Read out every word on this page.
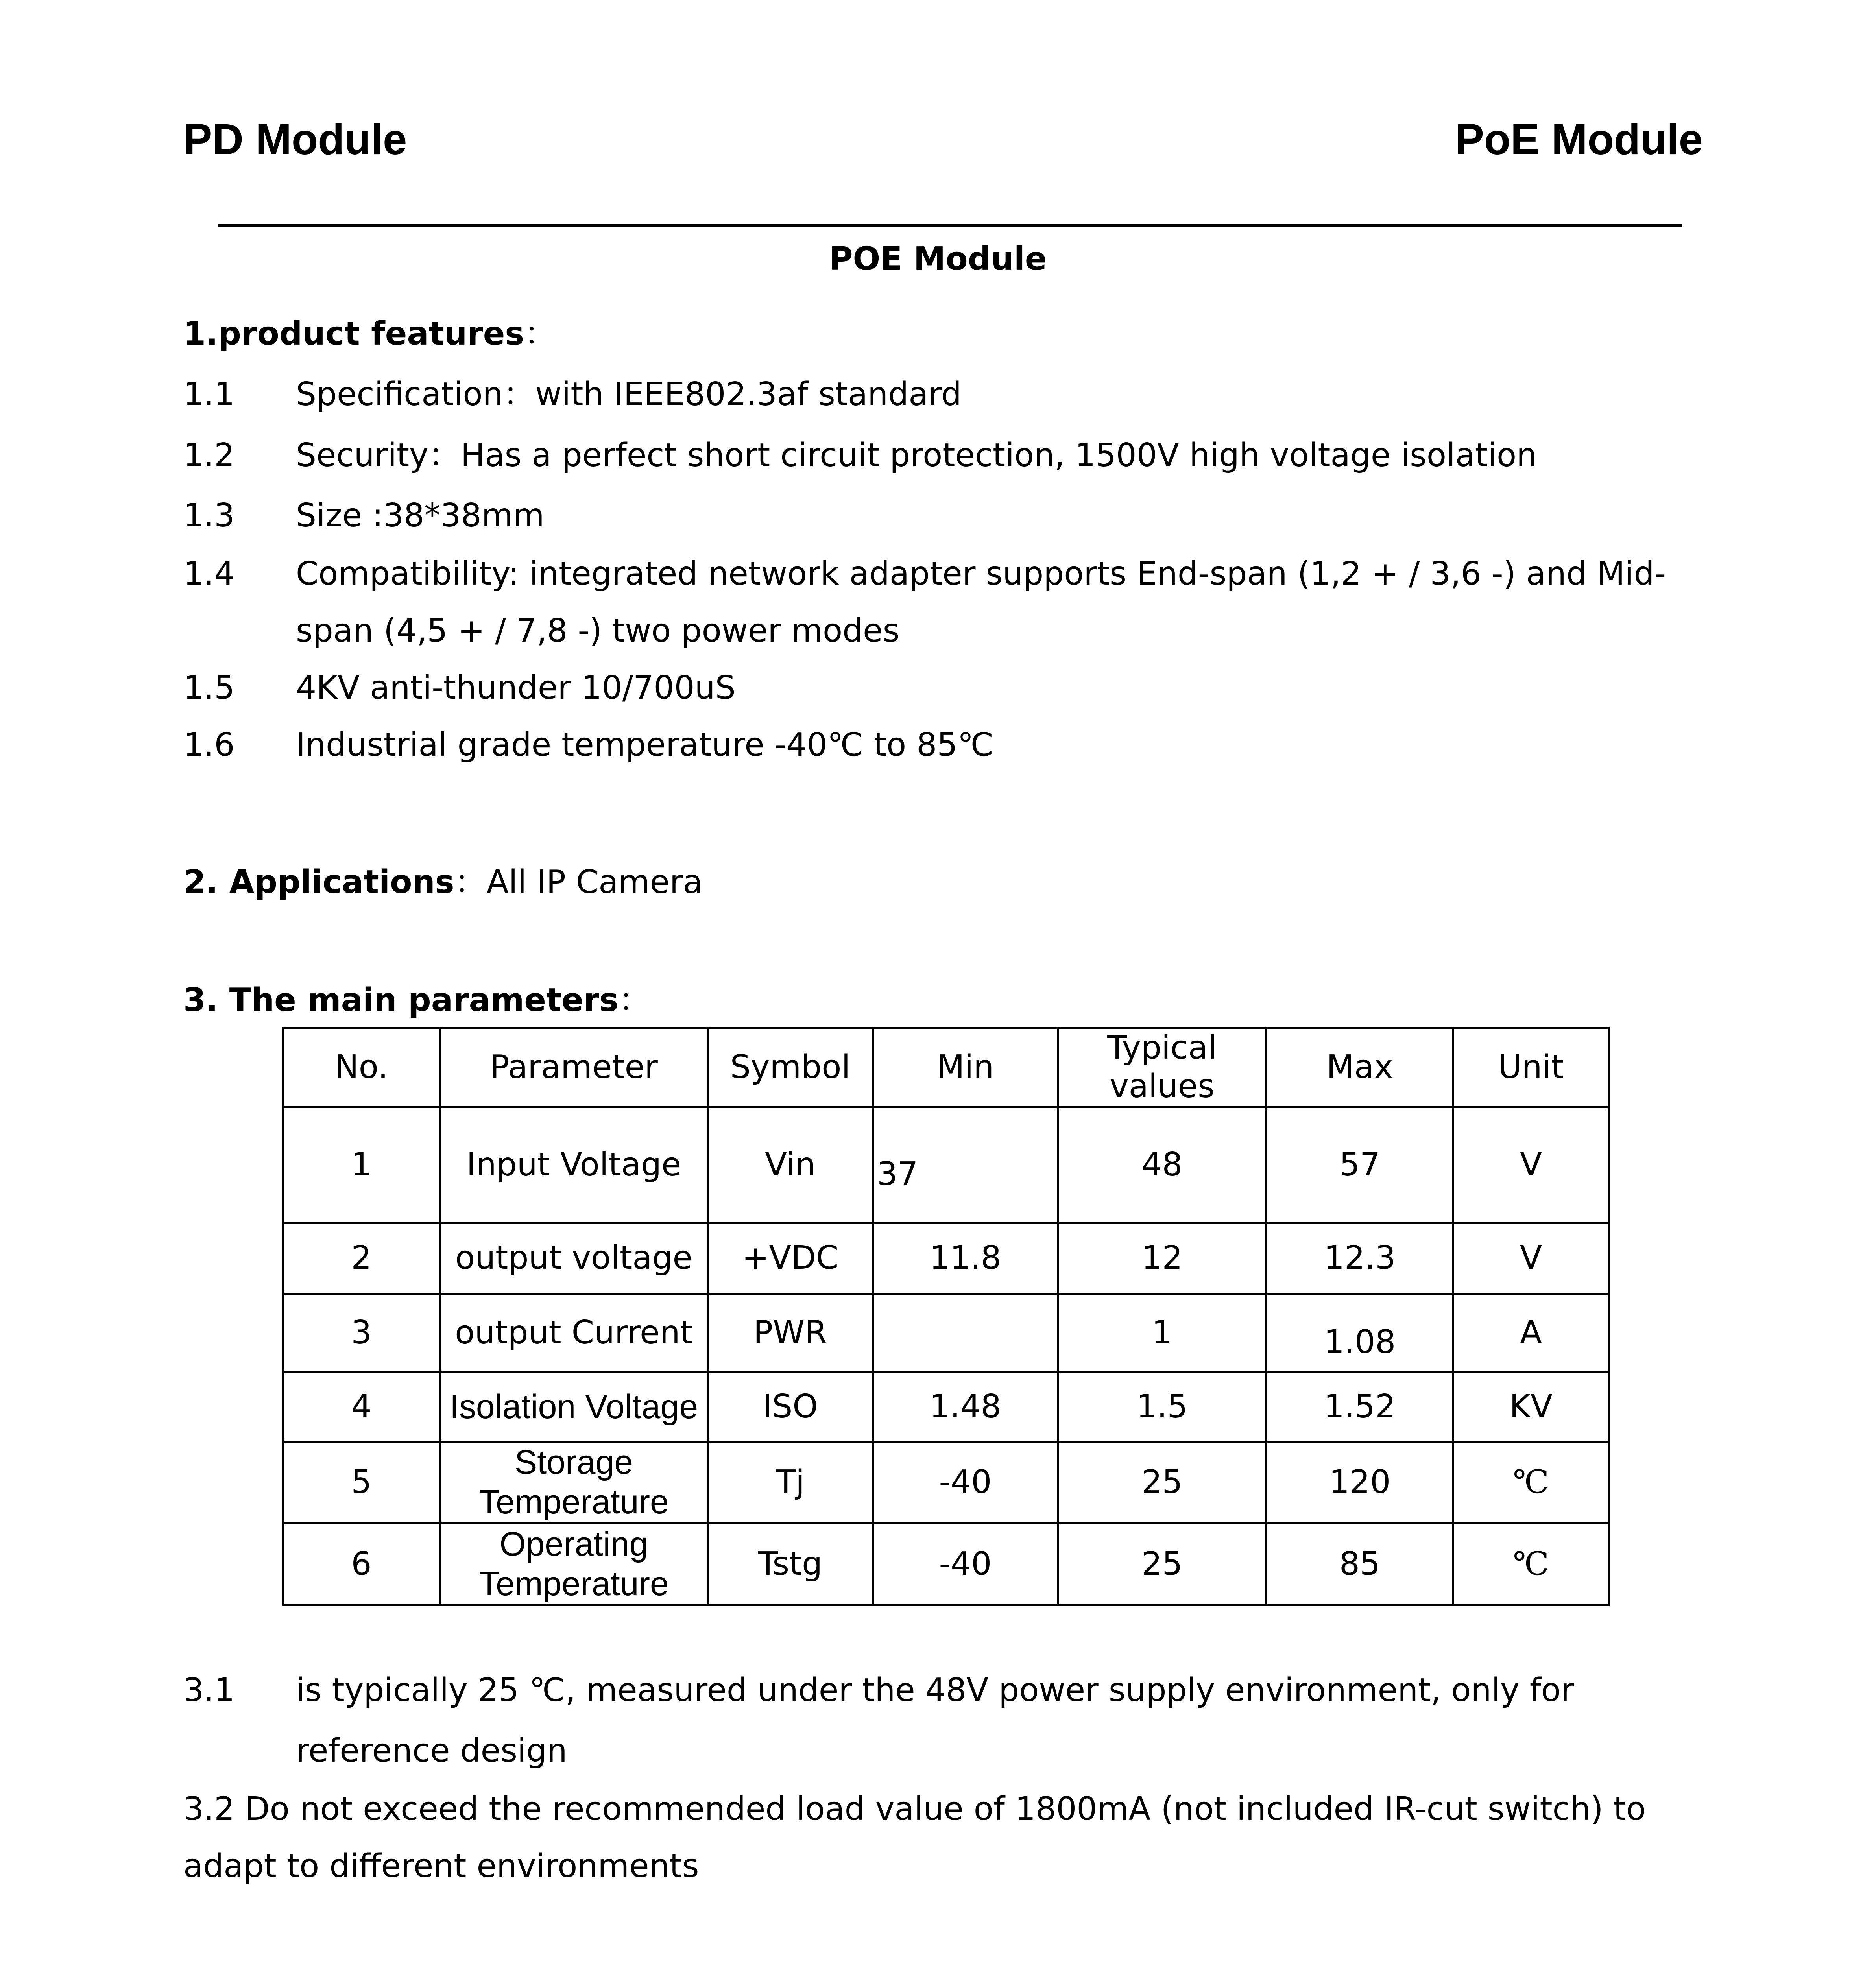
PD Module	PoE Module
POE Module
1.product features：
1.1 Specification：with IEEE802.3af standard
1.2 Security：Has a perfect short circuit protection, 1500V high voltage isolation
1.3 Size :38*38mm
1.4 Compatibility: integrated network adapter supports End-span (1,2 + / 3,6 -) and Mid-
span (4,5 + / 7,8 -) two power modes
1.5 4KV anti-thunder 10/700uS
1.6 Industrial grade temperature -40℃ to 85℃
2. Applications：All IP Camera
3. The main parameters：
No.	Parameter	Symbol	Min	Typical values	Max	Unit
1	Input Voltage	Vin	37	48	57	V
2	output voltage	+VDC	11.8	12	12.3	V
3	output Current	PWR		1	1.08	A
4	Isolation Voltage	ISO	1.48	1.5	1.52	KV
5	Storage Temperature	Tj	-40	25	120	℃
6	Operating Temperature	Tstg	-40	25	85	℃
3.1 is typically 25 ℃, measured under the 48V power supply environment, only for
reference design
3.2 Do not exceed the recommended load value of 1800mA (not included IR-cut switch) to
adapt to different environments
